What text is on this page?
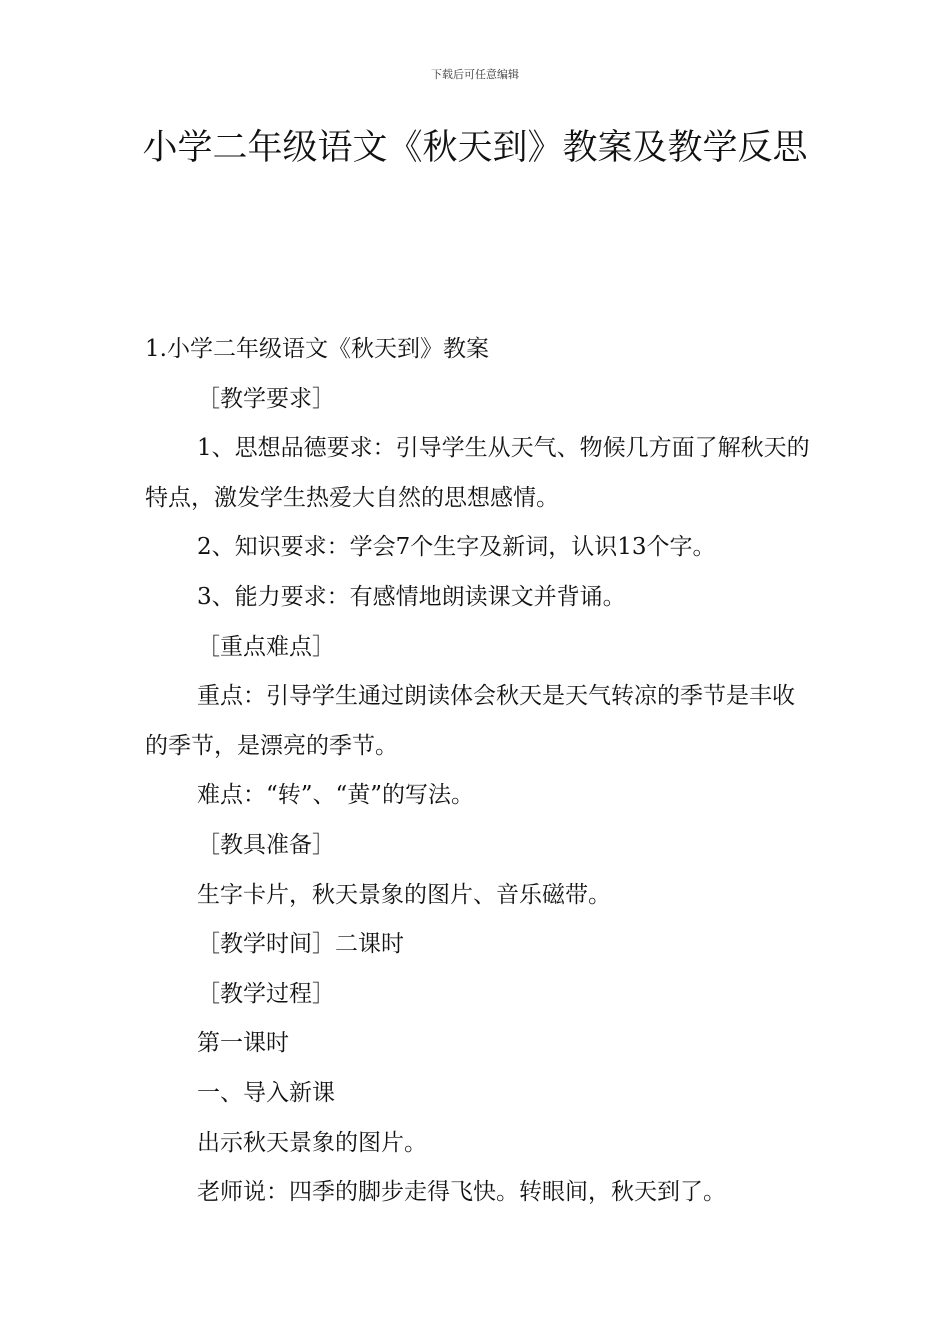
下载后可任意编辑
小学二年级语文《秋天到》教案及教学反思

1.小学二年级语文《秋天到》教案

［教学要求］

1、思想品德要求：引导学生从天气、物候几方面了解秋天的特点，激发学生热爱大自然的思想感情。

2、知识要求：学会7个生字及新词，认识13个字。

3、能力要求：有感情地朗读课文并背诵。

［重点难点］

重点：引导学生通过朗读体会秋天是天气转凉的季节是丰收的季节，是漂亮的季节。

难点：“转”、“黄”的写法。

［教具准备］

生字卡片，秋天景象的图片、音乐磁带。

［教学时间］二课时

［教学过程］

第一课时

一、导入新课

出示秋天景象的图片。

老师说：四季的脚步走得飞快。转眼间，秋天到了。
